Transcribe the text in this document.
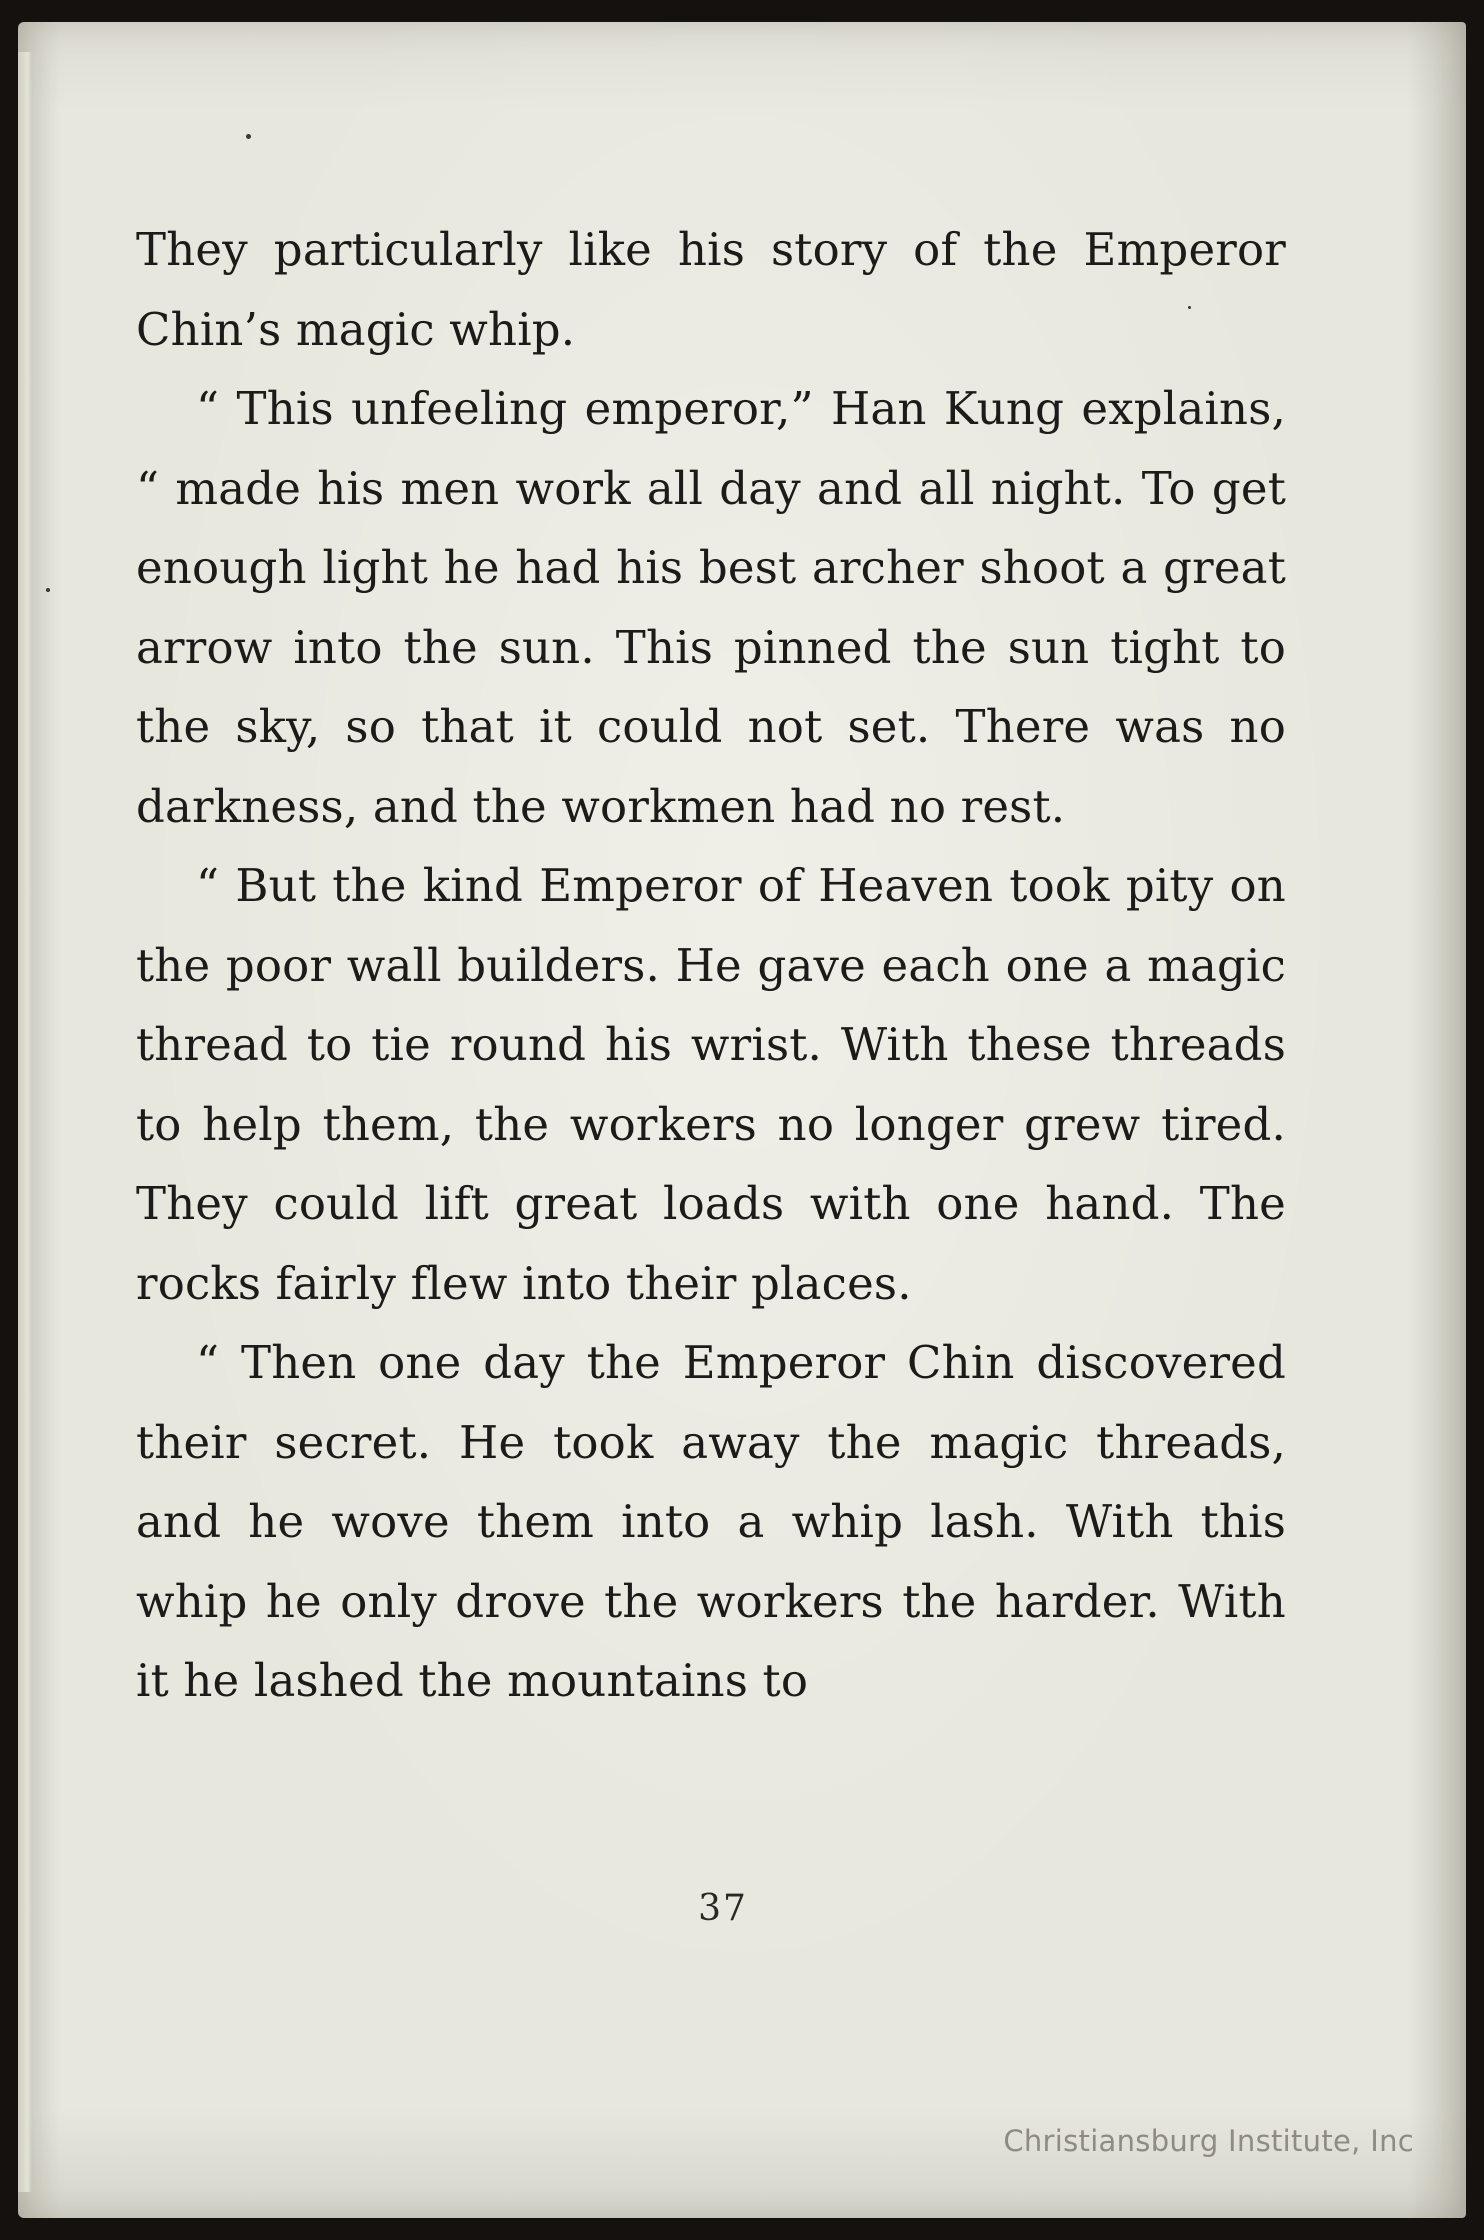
They particularly like his story of the Emperor Chin’s magic whip.

“ This unfeeling emperor,” Han Kung explains, “ made his men work all day and all night. To get enough light he had his best archer shoot a great arrow into the sun. This pinned the sun tight to the sky, so that it could not set. There was no darkness, and the workmen had no rest.

“ But the kind Emperor of Heaven took pity on the poor wall builders. He gave each one a magic thread to tie round his wrist. With these threads to help them, the workers no longer grew tired. They could lift great loads with one hand. The rocks fairly flew into their places.

“ Then one day the Emperor Chin discovered their secret. He took away the magic threads, and he wove them into a whip lash. With this whip he only drove the workers the harder. With it he lashed the mountains to

37
Christiansburg Institute, Inc
